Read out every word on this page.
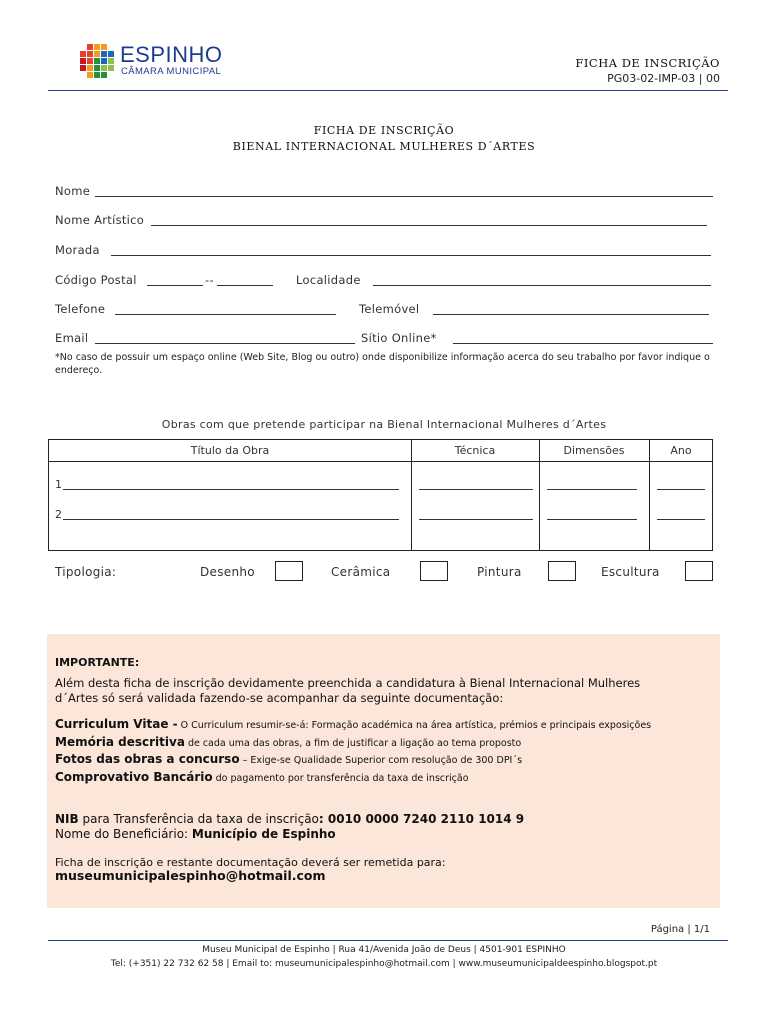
ESPINHO
CÂMARA MUNICIPAL
FICHA DE INSCRIÇÃO
PG03-02-IMP-03 | 00
FICHA DE INSCRIÇÃO
BIENAL INTERNACIONAL MULHERES D´ARTES
Nome
Nome Artístico
Morada
Código Postal	--	Localidade
Telefone	Telemóvel
Email	Sítio Online*
*No caso de possuir um espaço online (Web Site, Blog ou outro) onde disponibilize informação acerca do seu trabalho por favor indique o endereço.
Obras com que pretende participar na Bienal Internacional Mulheres d´Artes
Título da Obra	Técnica	Dimensões	Ano
1
2
Tipologia:	Desenho	Cerâmica	Pintura	Escultura
IMPORTANTE:
Além desta ficha de inscrição devidamente preenchida a candidatura à Bienal Internacional Mulheres
d´Artes só será validada fazendo-se acompanhar da seguinte documentação:
Curriculum Vitae - O Curriculum resumir-se-á: Formação académica na área artística, prémios e principais exposições
Memória descritiva de cada uma das obras, a fim de justificar a ligação ao tema proposto
Fotos das obras a concurso – Exige-se Qualidade Superior com resolução de 300 DPI´s
Comprovativo Bancário do pagamento por transferência da taxa de inscrição
NIB para Transferência da taxa de inscrição: 0010 0000 7240 2110 1014 9
Nome do Beneficiário: Município de Espinho
Ficha de inscrição e restante documentação deverá ser remetida para:
museumunicipalespinho@hotmail.com
Página | 1/1
Museu Municipal de Espinho | Rua 41/Avenida João de Deus | 4501-901 ESPINHO
Tel: (+351) 22 732 62 58 | Email to: museumunicipalespinho@hotmail.com | www.museumunicipaldeespinho.blogspot.pt
